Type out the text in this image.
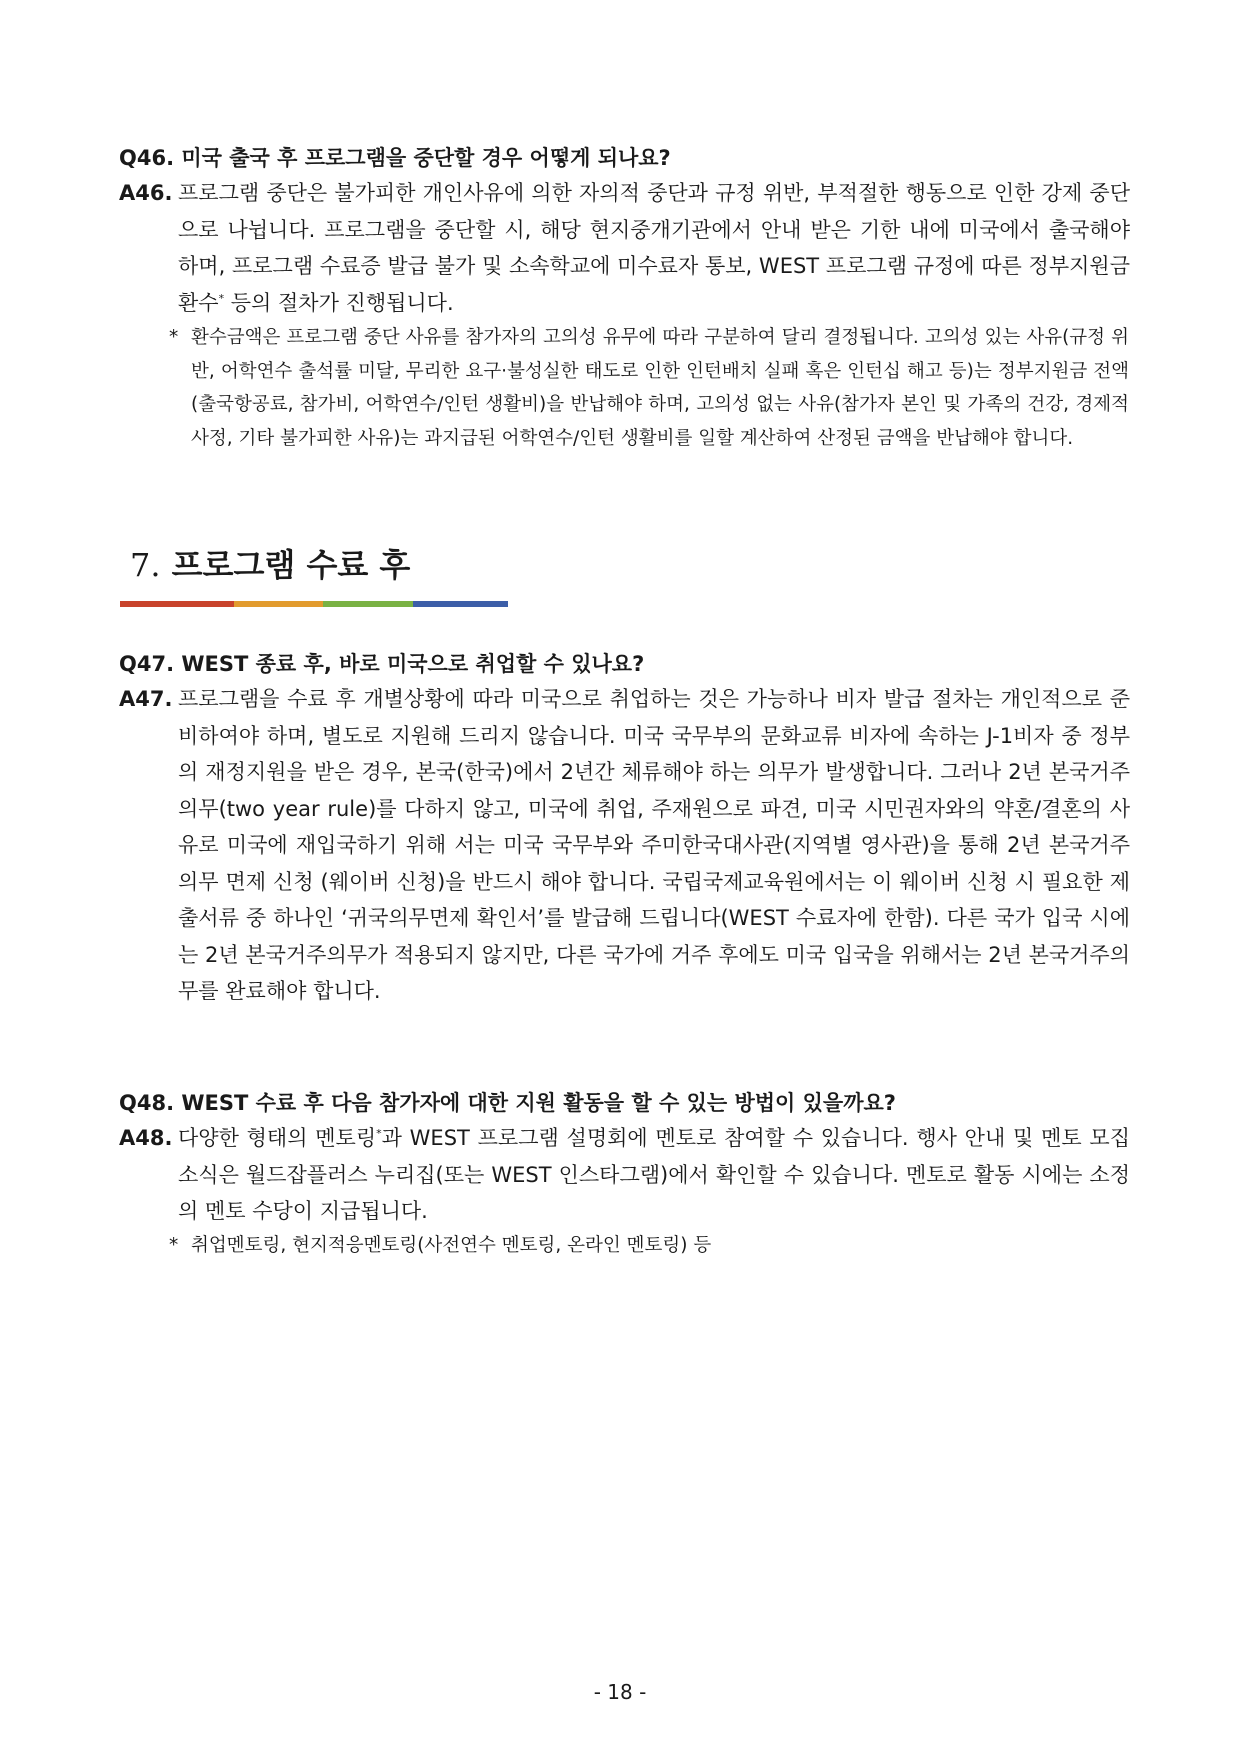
Q46. 미국 출국 후 프로그램을 중단할 경우 어떻게 되나요?

A46. 프로그램 중단은 불가피한 개인사유에 의한 자의적 중단과 규정 위반, 부적절한 행동으로 인한 강제 중단으로 나뉩니다. 프로그램을 중단할 시, 해당 현지중개기관에서 안내 받은 기한 내에 미국에서 출국해야 하며, 프로그램 수료증 발급 불가 및 소속학교에 미수료자 통보, WEST 프로그램 규정에 따른 정부지원금 환수* 등의 절차가 진행됩니다.
* 환수금액은 프로그램 중단 사유를 참가자의 고의성 유무에 따라 구분하여 달리 결정됩니다. 고의성 있는 사유(규정 위반, 어학연수 출석률 미달, 무리한 요구·불성실한 태도로 인한 인턴배치 실패 혹은 인턴십 해고 등)는 정부지원금 전액(출국항공료, 참가비, 어학연수/인턴 생활비)을 반납해야 하며, 고의성 없는 사유(참가자 본인 및 가족의 건강, 경제적 사정, 기타 불가피한 사유)는 과지급된 어학연수/인턴 생활비를 일할 계산하여 산정된 금액을 반납해야 합니다.
7. 프로그램 수료 후

Q47. WEST 종료 후, 바로 미국으로 취업할 수 있나요?

A47. 프로그램을 수료 후 개별상황에 따라 미국으로 취업하는 것은 가능하나 비자 발급 절차는 개인적으로 준비하여야 하며, 별도로 지원해 드리지 않습니다. 미국 국무부의 문화교류 비자에 속하는 J-1비자 중 정부의 재정지원을 받은 경우, 본국(한국)에서 2년간 체류해야 하는 의무가 발생합니다. 그러나 2년 본국거주의무(two year rule)를 다하지 않고, 미국에 취업, 주재원으로 파견, 미국 시민권자와의 약혼/결혼의 사유로 미국에 재입국하기 위해 서는 미국 국무부와 주미한국대사관(지역별 영사관)을 통해 2년 본국거주의무 면제 신청 (웨이버 신청)을 반드시 해야 합니다. 국립국제교육원에서는 이 웨이버 신청 시 필요한 제출서류 중 하나인 ‘귀국의무면제 확인서’를 발급해 드립니다(WEST 수료자에 한함). 다른 국가 입국 시에는 2년 본국거주의무가 적용되지 않지만, 다른 국가에 거주 후에도 미국 입국을 위해서는 2년 본국거주의무를 완료해야 합니다.

Q48. WEST 수료 후 다음 참가자에 대한 지원 활동을 할 수 있는 방법이 있을까요?

A48. 다양한 형태의 멘토링*과 WEST 프로그램 설명회에 멘토로 참여할 수 있습니다. 행사 안내 및 멘토 모집 소식은 월드잡플러스 누리집(또는 WEST 인스타그램)에서 확인할 수 있습니다. 멘토로 활동 시에는 소정의 멘토 수당이 지급됩니다.
* 취업멘토링, 현지적응멘토링(사전연수 멘토링, 온라인 멘토링) 등

- 18 -
